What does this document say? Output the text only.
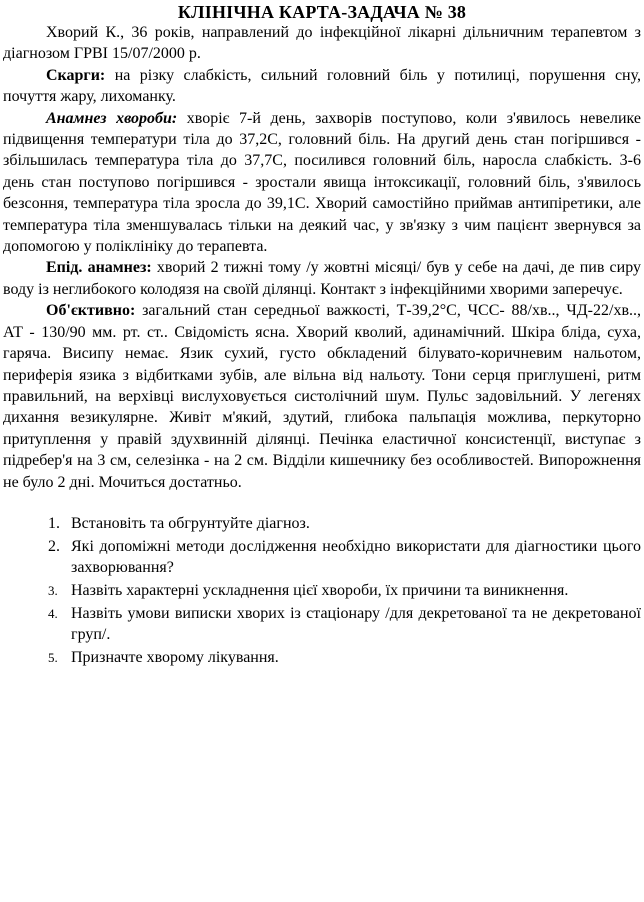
КЛІНІЧНА КАРТА-ЗАДАЧА № 38

Хворий К., 36 років, направлений до інфекційної лікарні дільничним терапевтом з діагнозом ГРВІ 15/07/2000 р.

Скарги: на різку слабкість, сильний головний біль у потилиці, порушення сну, почуття жару, лихоманку.

Анамнез хвороби: хворіє 7-й день, захворів поступово, коли з'явилось невелике підвищення температури тіла до 37,2С, головний біль. На другий день стан погіршився - збільшилась температура тіла до 37,7С, посилився головний біль, наросла слабкість. 3-6 день стан поступово погіршився - зростали явища інтоксикації, головний біль, з'явилось безсоння, температура тіла зросла до 39,1С. Хворий самостійно приймав антипіретики, але температура тіла зменшувалась тільки на деякий час, у зв'язку з чим пацієнт звернувся за допомогою у поліклініку до терапевта.

Епід. анамнез: хворий 2 тижні тому /у жовтні місяці/ був у себе на дачі, де пив сиру воду із неглибокого колодязя на своїй ділянці. Контакт з інфекційними хворими заперечує.

Об'єктивно: загальний стан середньої важкості, Т-39,2°С, ЧСС- 88/хв.., ЧД-22/хв.., АТ - 130/90 мм. рт. ст.. Свідомість ясна. Хворий кволий, адинамічний. Шкіра бліда, суха, гаряча. Висипу немає. Язик сухий, густо обкладений білувато-коричневим нальотом, периферія язика з відбитками зубів, але вільна від нальоту. Тони серця приглушені, ритм правильний, на верхівці вислуховується систолічний шум. Пульс задовільний. У легенях дихання везикулярне. Живіт м'який, здутий, глибока пальпація можлива, перкуторно притуплення у правій здухвинній ділянці. Печінка еластичної консистенції, виступає з підребер'я на 3 см, селезінка - на 2 см. Відділи кишечнику без особливостей. Випорожнення не було 2 дні. Мочиться достатньо.

1. Встановіть та обгрунтуйте діагноз.
2. Які допоміжні методи дослідження необхідно використати для діагностики цього захворювання?
3. Назвіть характерні ускладнення цієї хвороби, їх причини та виникнення.
4. Назвіть умови виписки хворих із стаціонару /для декретованої та не декретованої груп/.
5. Призначте хворому лікування.
